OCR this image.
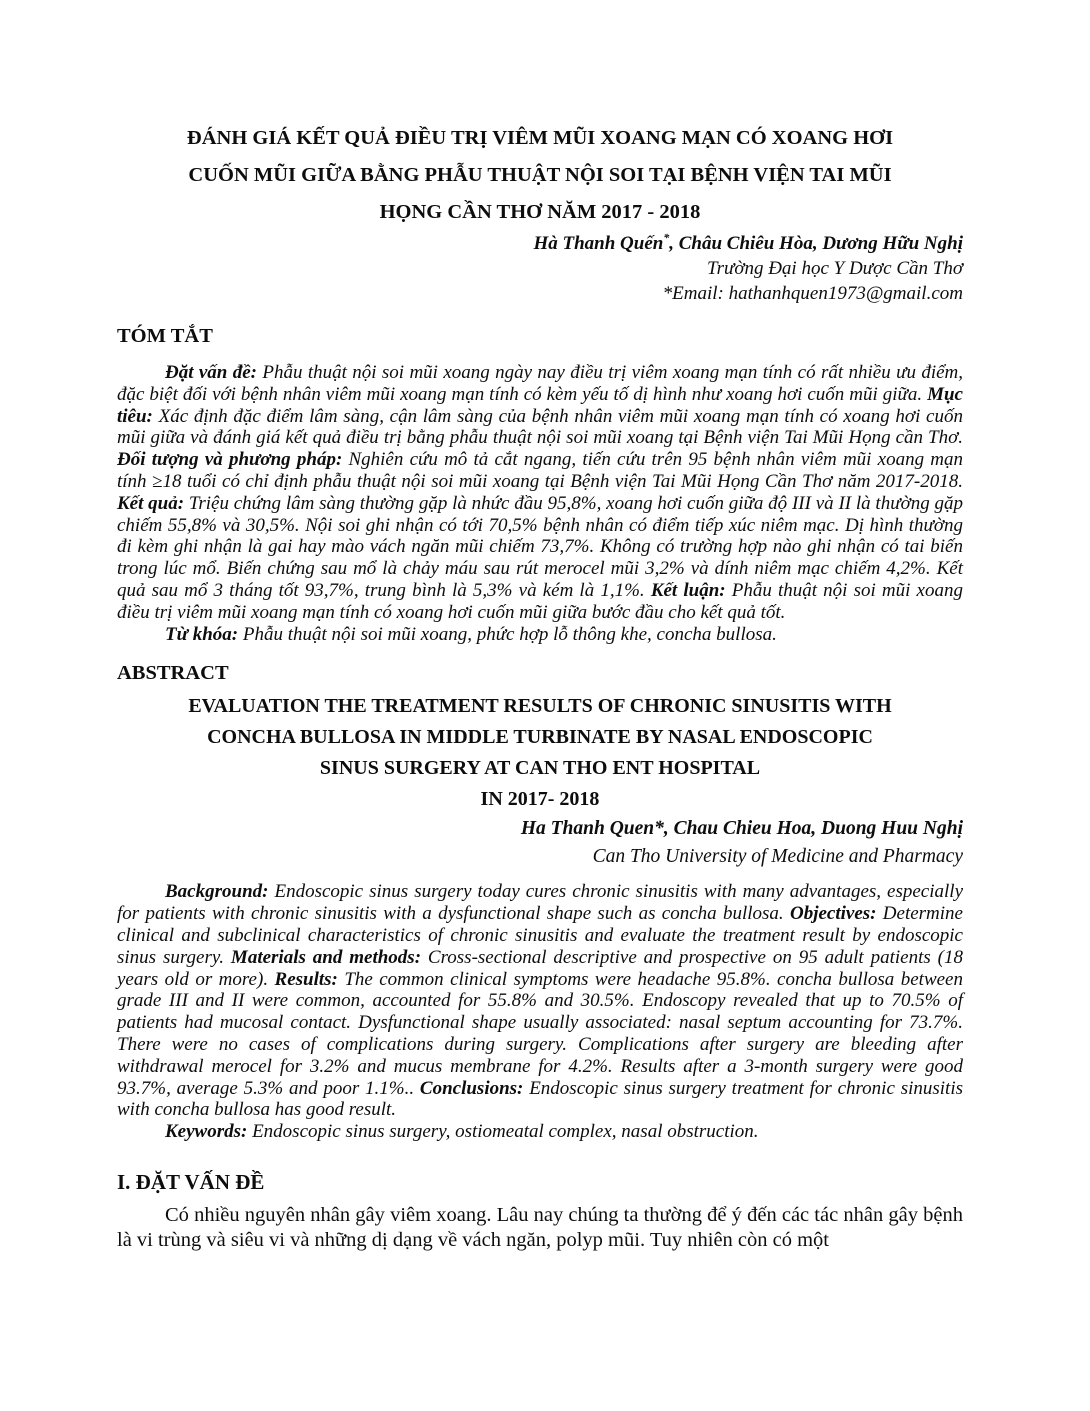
ĐÁNH GIÁ KẾT QUẢ ĐIỀU TRỊ VIÊM MŨI XOANG MẠN CÓ XOANG HƠI
CUỐN MŨI GIỮA BẰNG PHẪU THUẬT NỘI SOI TẠI BỆNH VIỆN TAI MŨI
HỌNG CẦN THƠ NĂM 2017 - 2018

Hà Thanh Quến*, Châu Chiêu Hòa, Dương Hữu Nghị

Trường Đại học Y Dược Cần Thơ

*Email: hathanhquen1973@gmail.com

TÓM TẮT

Đặt vấn đề: Phẫu thuật nội soi mũi xoang ngày nay điều trị viêm xoang mạn tính có rất nhiều ưu điểm, đặc biệt đối với bệnh nhân viêm mũi xoang mạn tính có kèm yếu tố dị hình như xoang hơi cuốn mũi giữa. Mục tiêu: Xác định đặc điểm lâm sàng, cận lâm sàng của bệnh nhân viêm mũi xoang mạn tính có xoang hơi cuốn mũi giữa và đánh giá kết quả điều trị bằng phẫu thuật nội soi mũi xoang tại Bệnh viện Tai Mũi Họng cần Thơ. Đối tượng và phương pháp: Nghiên cứu mô tả cắt ngang, tiến cứu trên 95 bệnh nhân viêm mũi xoang mạn tính ≥18 tuổi có chỉ định phẫu thuật nội soi mũi xoang tại Bệnh viện Tai Mũi Họng Cần Thơ năm 2017-2018. Kết quả: Triệu chứng lâm sàng thường gặp là nhức đầu 95,8%, xoang hơi cuốn giữa độ III và II là thường gặp chiếm 55,8% và 30,5%. Nội soi ghi nhận có tới 70,5% bệnh nhân có điểm tiếp xúc niêm mạc. Dị hình thường đi kèm ghi nhận là gai hay mào vách ngăn mũi chiếm 73,7%. Không có trường hợp nào ghi nhận có tai biến trong lúc mổ. Biến chứng sau mổ là chảy máu sau rút merocel mũi 3,2% và dính niêm mạc chiếm 4,2%. Kết quả sau mổ 3 tháng tốt 93,7%, trung bình là 5,3% và kém là 1,1%. Kết luận: Phẫu thuật nội soi mũi xoang điều trị viêm mũi xoang mạn tính có xoang hơi cuốn mũi giữa bước đầu cho kết quả tốt.

Từ khóa: Phẫu thuật nội soi mũi xoang, phức hợp lỗ thông khe, concha bullosa.

ABSTRACT
EVALUATION THE TREATMENT RESULTS OF CHRONIC SINUSITIS WITH
CONCHA BULLOSA IN MIDDLE TURBINATE BY NASAL ENDOSCOPIC
SINUS SURGERY AT CAN THO ENT HOSPITAL
IN 2017- 2018

Ha Thanh Quen*, Chau Chieu Hoa, Duong Huu Nghị

Can Tho University of Medicine and Pharmacy

Background: Endoscopic sinus surgery today cures chronic sinusitis with many advantages, especially for patients with chronic sinusitis with a dysfunctional shape such as concha bullosa. Objectives: Determine clinical and subclinical characteristics of chronic sinusitis and evaluate the treatment result by endoscopic sinus surgery. Materials and methods: Cross-sectional descriptive and prospective on 95 adult patients (18 years old or more). Results: The common clinical symptoms were headache 95.8%. concha bullosa between grade III and II were common, accounted for 55.8% and 30.5%. Endoscopy revealed that up to 70.5% of patients had mucosal contact. Dysfunctional shape usually associated: nasal septum accounting for 73.7%. There were no cases of complications during surgery. Complications after surgery are bleeding after withdrawal merocel for 3.2% and mucus membrane for 4.2%. Results after a 3-month surgery were good 93.7%, average 5.3% and poor 1.1%.. Conclusions: Endoscopic sinus surgery treatment for chronic sinusitis with concha bullosa has good result.

Keywords: Endoscopic sinus surgery, ostiomeatal complex, nasal obstruction.

I. ĐẶT VẤN ĐỀ

Có nhiều nguyên nhân gây viêm xoang. Lâu nay chúng ta thường để ý đến các tác nhân gây bệnh là vi trùng và siêu vi và những dị dạng về vách ngăn, polyp mũi. Tuy nhiên còn có một
